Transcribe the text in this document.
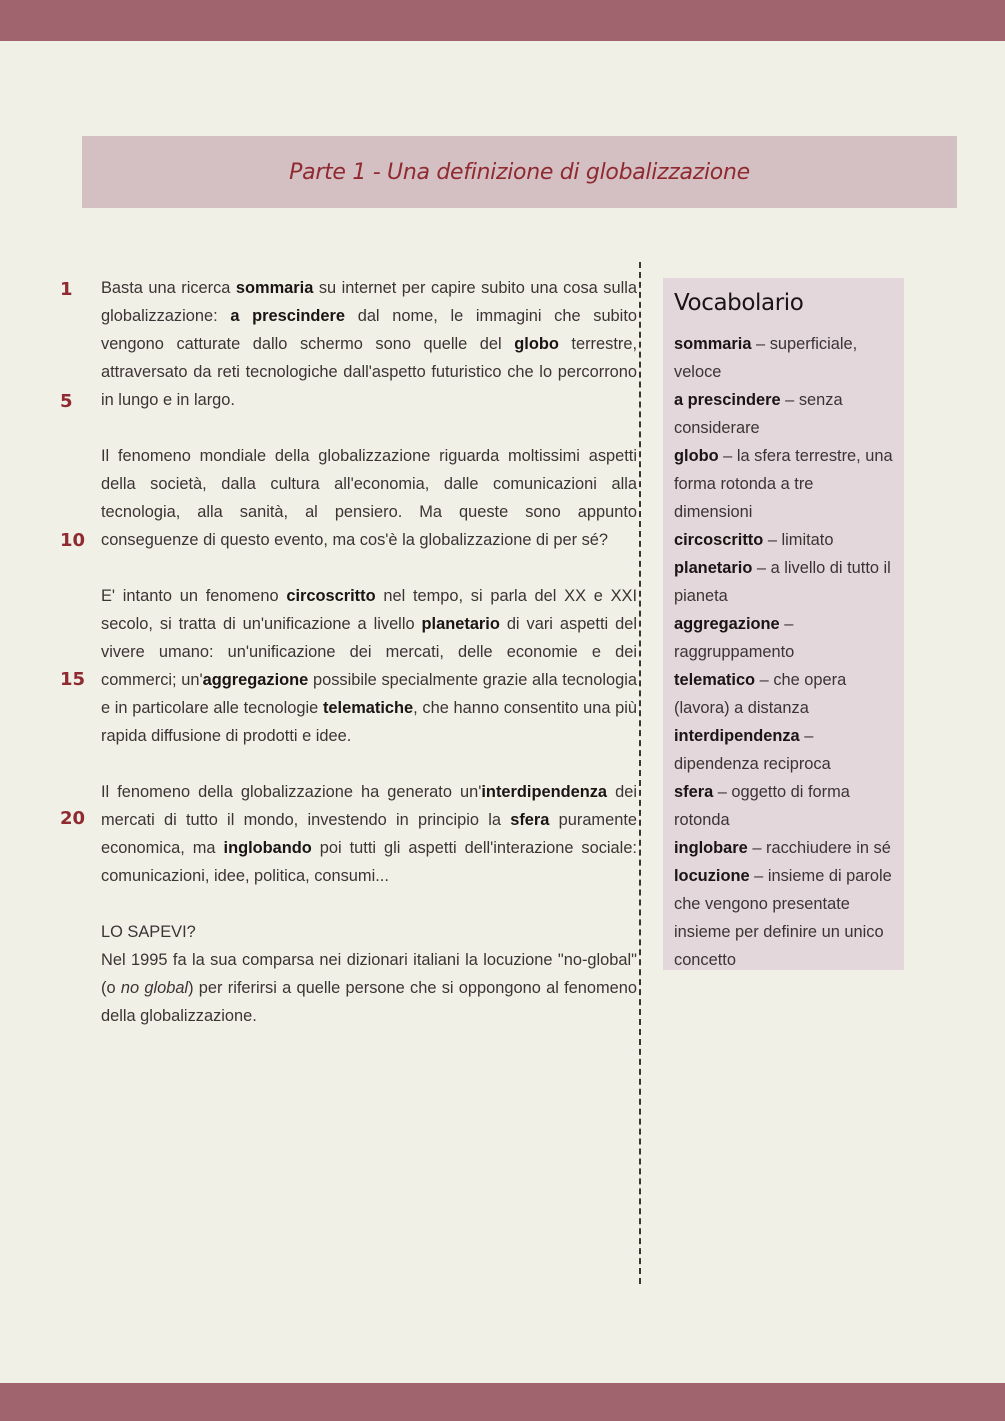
Parte 1 - Una definizione di globalizzazione
1
5
10
15
20

Basta una ricerca sommaria su internet per capire subito una cosa sulla globalizzazione: a prescindere dal nome, le immagini che subito vengono catturate dallo schermo sono quelle del globo terrestre, attraversato da reti tecnologiche dall'aspetto futuristico che lo percorrono in lungo e in largo.

Il fenomeno mondiale della globalizzazione riguarda moltissimi aspetti della società, dalla cultura all'economia, dalle comunicazioni alla tecnologia, alla sanità, al pensiero. Ma queste sono appunto conseguenze di questo evento, ma cos'è la globalizzazione di per sé?

E' intanto un fenomeno circoscritto nel tempo, si parla del XX e XXI secolo, si tratta di un'unificazione a livello planetario di vari aspetti del vivere umano: un'unificazione dei mercati, delle economie e dei commerci; un'aggregazione possibile specialmente grazie alla tecnologia e in particolare alle tecnologie telematiche, che hanno consentito una più rapida diffusione di prodotti e idee.

Il fenomeno della globalizzazione ha generato un'interdipendenza dei mercati di tutto il mondo, investendo in principio la sfera puramente economica, ma inglobando poi tutti gli aspetti dell'interazione sociale: comunicazioni, idee, politica, consumi...

LO SAPEVI?

Nel 1995 fa la sua comparsa nei dizionari italiani la locuzione "no-global" (o no global) per riferirsi a quelle persone che si oppongono al fenomeno della globalizzazione.

Vocabolario
sommaria – superficiale, veloce
a prescindere – senza considerare
globo – la sfera terrestre, una forma rotonda a tre dimensioni
circoscritto – limitato
planetario – a livello di tutto il pianeta
aggregazione – raggruppamento
telematico – che opera (lavora) a distanza
interdipendenza – dipendenza reciproca
sfera – oggetto di forma rotonda
inglobare – racchiudere in sé
locuzione – insieme di parole che vengono presentate insieme per definire un unico concetto
